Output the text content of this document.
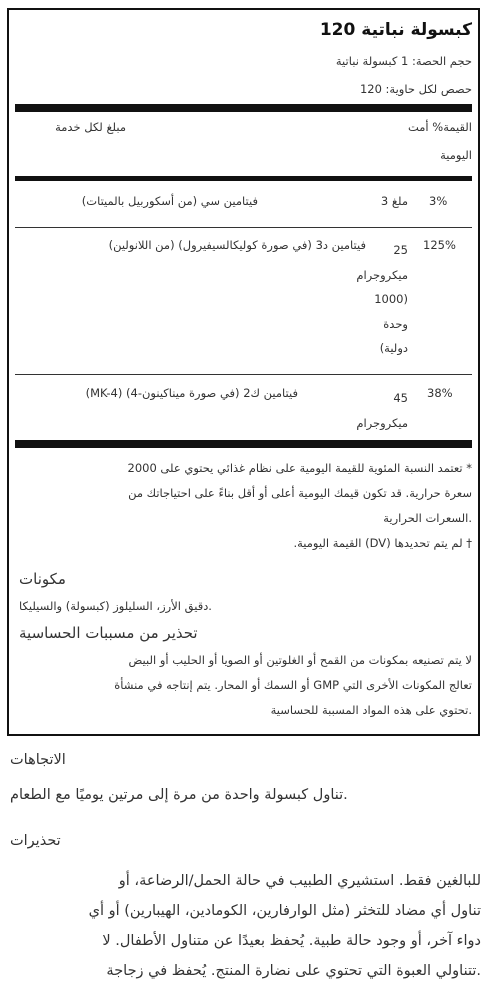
كبسولة نباتية 120
حجم الحصة: 1 كبسولة نباتية
حصص لكل حاوية: 120
القيمة% أمت
اليومية
مبلغ لكل خدمة
3%
ملغ 3
فيتامين سي (من أسكوربيل بالميتات)
125%
25
ميكروجرام
(1000
وحدة
دولية)
فيتامين د3 (في صورة كوليكالسيفيرول) (من اللانولين)
38%
45
ميكروجرام
فيتامين ك2 (في صورة ميناكينون-4) (MK-4)
* تعتمد النسبة المئوية للقيمة اليومية على نظام غذائي يحتوي على 2000
سعرة حرارية. قد تكون قيمك اليومية أعلى أو أقل بناءً على احتياجاتك من
.السعرات الحرارية
† لم يتم تحديدها (DV) القيمة اليومية.
مكونات
.دقيق الأرز، السليلوز (كبسولة) والسيليكا
تحذير من مسببات الحساسية
لا يتم تصنيعه بمكونات من القمح أو الغلوتين أو الصويا أو الحليب أو البيض
تعالج المكونات الأخرى التي GMP أو السمك أو المحار. يتم إنتاجه في منشأة
.تحتوي على هذه المواد المسببة للحساسية
الاتجاهات
.تناول كبسولة واحدة من مرة إلى مرتين يوميًا مع الطعام
تحذيرات
للبالغين فقط. استشيري الطبيب في حالة الحمل/الرضاعة، أو
تناول أي مضاد للتخثر (مثل الوارفارين، الكومادين، الهيبارين) أو أي
دواء آخر، أو وجود حالة طبية. يُحفظ بعيدًا عن متناول الأطفال. لا
.تتناولي العبوة التي تحتوي على نضارة المنتج. يُحفظ في زجاجة
